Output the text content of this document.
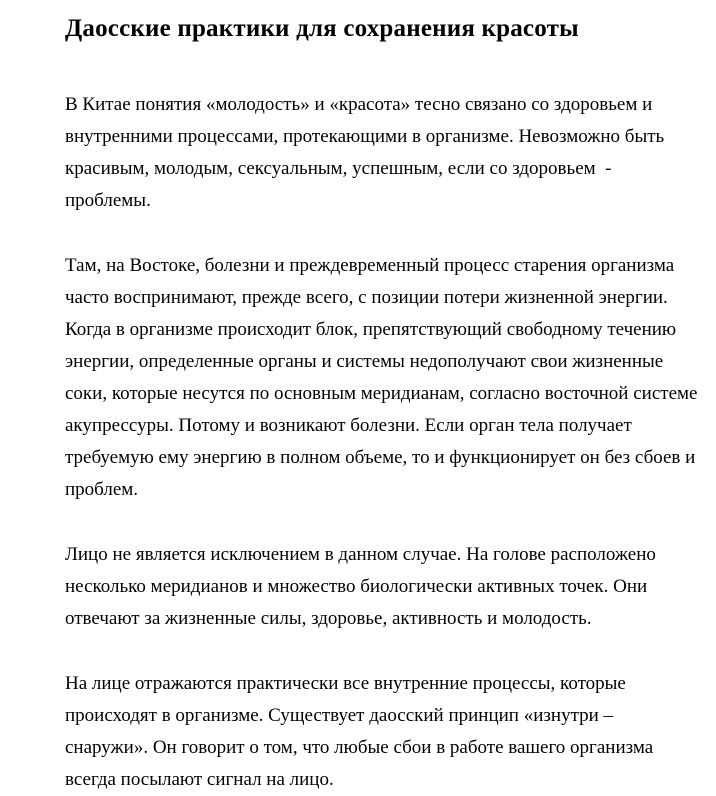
Даосские практики для сохранения красоты
В Китае понятия «молодость» и «красота» тесно связано со здоровьем и
внутренними процессами, протекающими в организме. Невозможно быть
красивым, молодым, сексуальным, успешным, если со здоровьем  -
проблемы.
Там, на Востоке, болезни и преждевременный процесс старения организма
часто воспринимают, прежде всего, с позиции потери жизненной энергии.
Когда в организме происходит блок, препятствующий свободному течению
энергии, определенные органы и системы недополучают свои жизненные
соки, которые несутся по основным меридианам, согласно восточной системе
акупрессуры. Потому и возникают болезни. Если орган тела получает
требуемую ему энергию в полном объеме, то и функционирует он без сбоев и
проблем.
Лицо не является исключением в данном случае. На голове расположено
несколько меридианов и множество биологически активных точек. Они
отвечают за жизненные силы, здоровье, активность и молодость.
На лице отражаются практически все внутренние процессы, которые
происходят в организме. Существует даосский принцип «изнутри –
снаружи». Он говорит о том, что любые сбои в работе вашего организма
всегда посылают сигнал на лицо.
